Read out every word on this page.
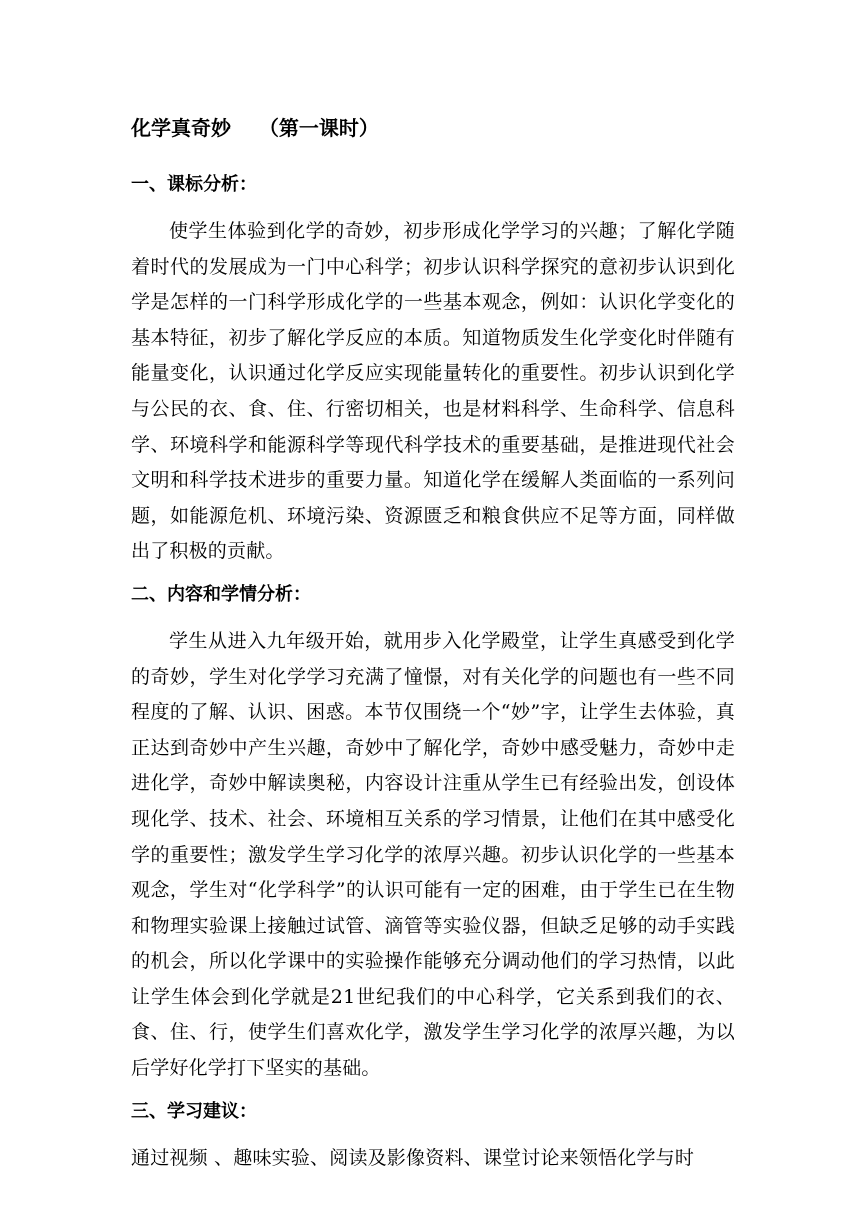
化学真奇妙    （第一课时）
一、课标分析：

使学生体验到化学的奇妙，初步形成化学学习的兴趣；了解化学随着时代的发展成为一门中心科学；初步认识科学探究的意初步认识到化学是怎样的一门科学形成化学的一些基本观念，例如：认识化学变化的基本特征，初步了解化学反应的本质。知道物质发生化学变化时伴随有能量变化，认识通过化学反应实现能量转化的重要性。初步认识到化学与公民的衣、食、住、行密切相关，也是材料科学、生命科学、信息科学、环境科学和能源科学等现代科学技术的重要基础，是推进现代社会文明和科学技术进步的重要力量。知道化学在缓解人类面临的一系列问题，如能源危机、环境污染、资源匮乏和粮食供应不足等方面，同样做出了积极的贡献。

二、内容和学情分析：

学生从进入九年级开始，就用步入化学殿堂，让学生真感受到化学的奇妙，学生对化学学习充满了憧憬，对有关化学的问题也有一些不同程度的了解、认识、困惑。本节仅围绕一个“妙”字，让学生去体验，真正达到奇妙中产生兴趣，奇妙中了解化学，奇妙中感受魅力，奇妙中走进化学，奇妙中解读奥秘，内容设计注重从学生已有经验出发，创设体现化学、技术、社会、环境相互关系的学习情景，让他们在其中感受化学的重要性；激发学生学习化学的浓厚兴趣。初步认识化学的一些基本观念，学生对“化学科学”的认识可能有一定的困难，由于学生已在生物和物理实验课上接触过试管、滴管等实验仪器，但缺乏足够的动手实践的机会，所以化学课中的实验操作能够充分调动他们的学习热情，以此让学生体会到化学就是21世纪我们的中心科学，它关系到我们的衣、食、住、行，使学生们喜欢化学，激发学生学习化学的浓厚兴趣，为以后学好化学打下坚实的基础。

三、学习建议：

通过视频 、趣味实验、阅读及影像资料、课堂讨论来领悟化学与时
